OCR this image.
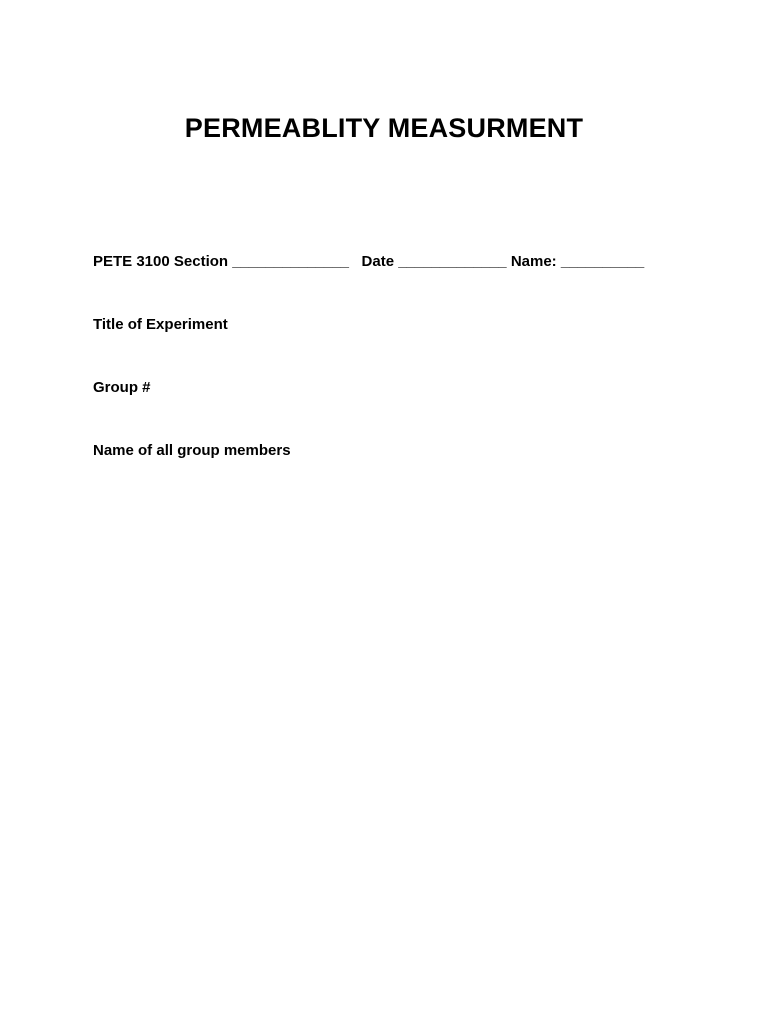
PERMEABLITY MEASURMENT
PETE 3100 Section ______________   Date _____________ Name: __________
Title of Experiment
Group #
Name of all group members
